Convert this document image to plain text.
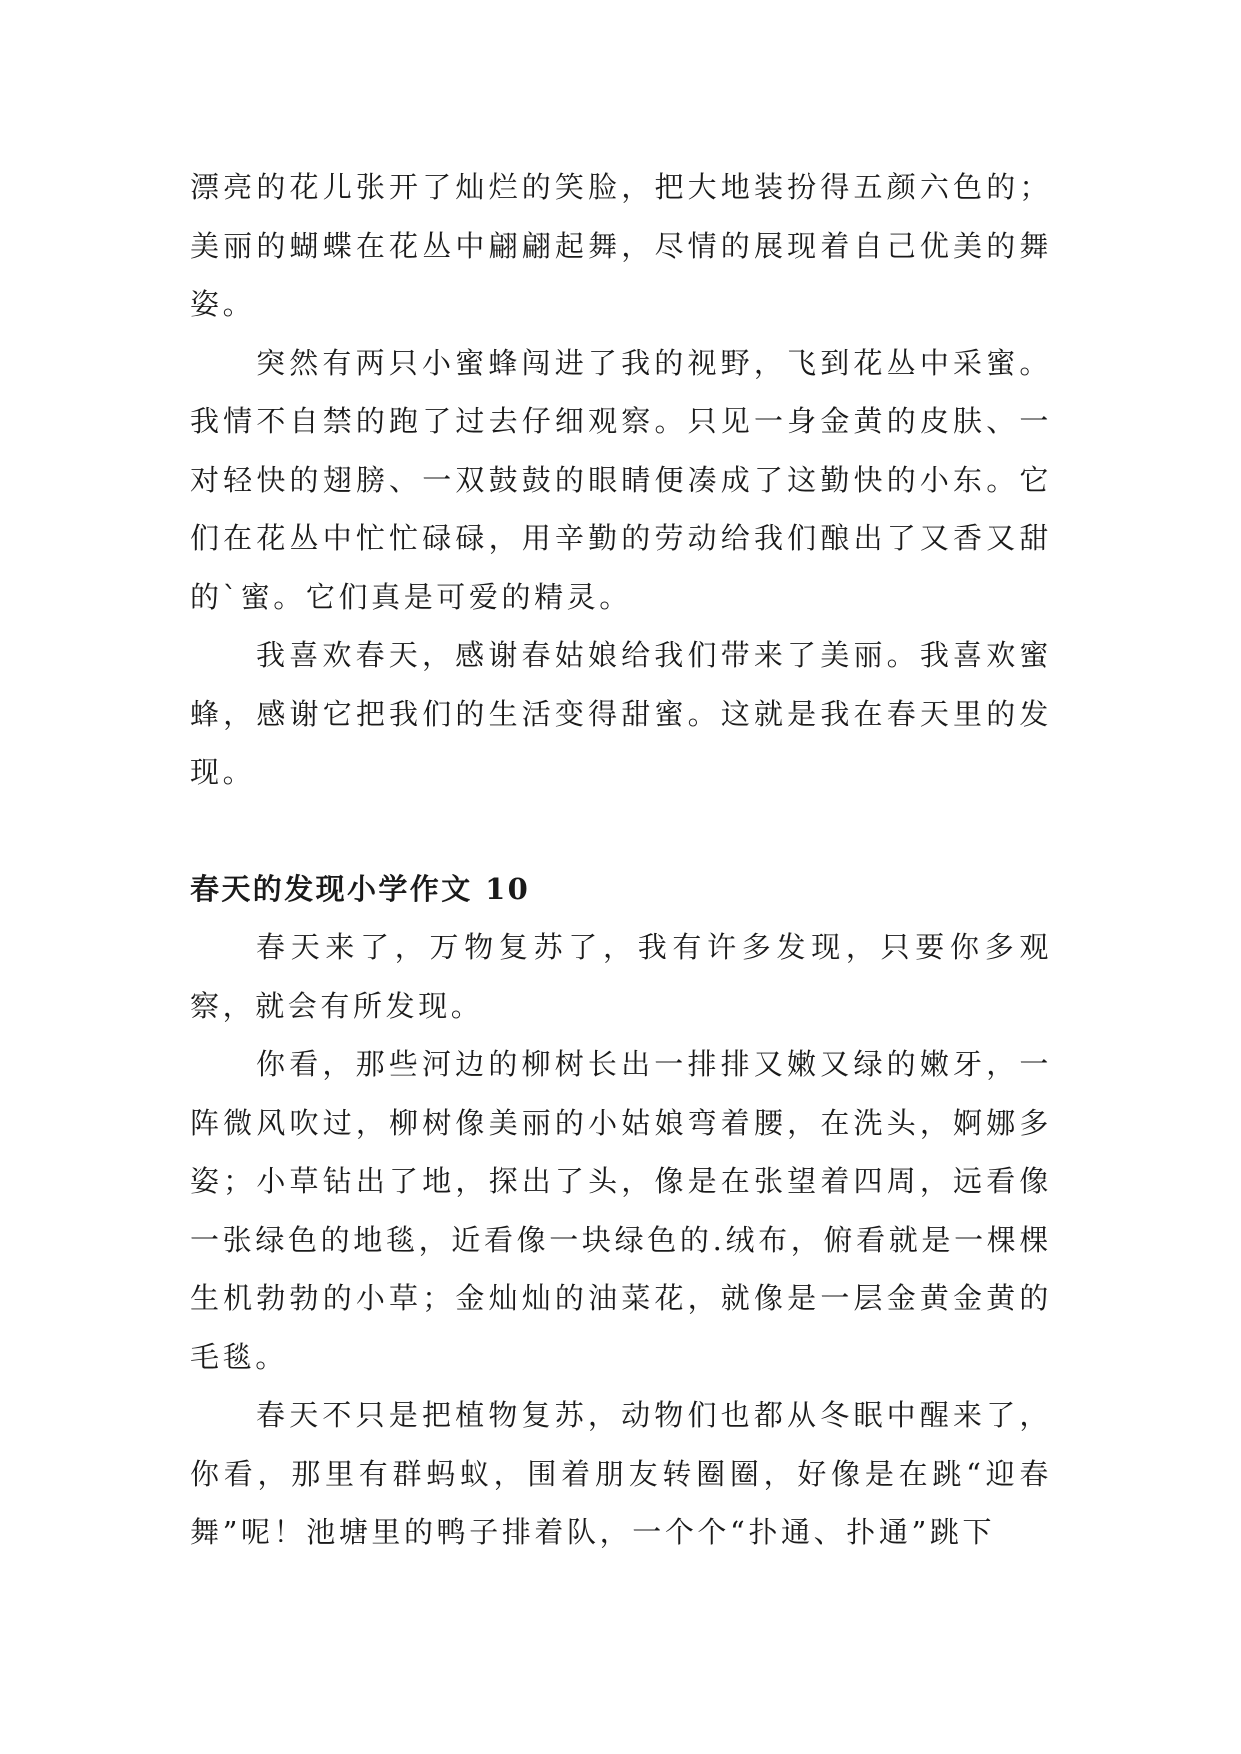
漂亮的花儿张开了灿烂的笑脸，把大地装扮得五颜六色的；美丽的蝴蝶在花丛中翩翩起舞，尽情的展现着自己优美的舞姿。

突然有两只小蜜蜂闯进了我的视野，飞到花丛中采蜜。我情不自禁的跑了过去仔细观察。只见一身金黄的皮肤、一对轻快的翅膀、一双鼓鼓的眼睛便凑成了这勤快的小东。它们在花丛中忙忙碌碌，用辛勤的劳动给我们酿出了又香又甜的`蜜。它们真是可爱的精灵。

我喜欢春天，感谢春姑娘给我们带来了美丽。我喜欢蜜蜂，感谢它把我们的生活变得甜蜜。这就是我在春天里的发现。

春天的发现小学作文 10

春天来了，万物复苏了，我有许多发现，只要你多观察，就会有所发现。

你看，那些河边的柳树长出一排排又嫩又绿的嫩牙，一阵微风吹过，柳树像美丽的小姑娘弯着腰，在洗头，婀娜多姿；小草钻出了地，探出了头，像是在张望着四周，远看像一张绿色的地毯，近看像一块绿色的.绒布，俯看就是一棵棵生机勃勃的小草；金灿灿的油菜花，就像是一层金黄金黄的毛毯。

春天不只是把植物复苏，动物们也都从冬眠中醒来了，你看，那里有群蚂蚁，围着朋友转圈圈，好像是在跳“迎春舞”呢！池塘里的鸭子排着队，一个个“扑通、扑通”跳下
